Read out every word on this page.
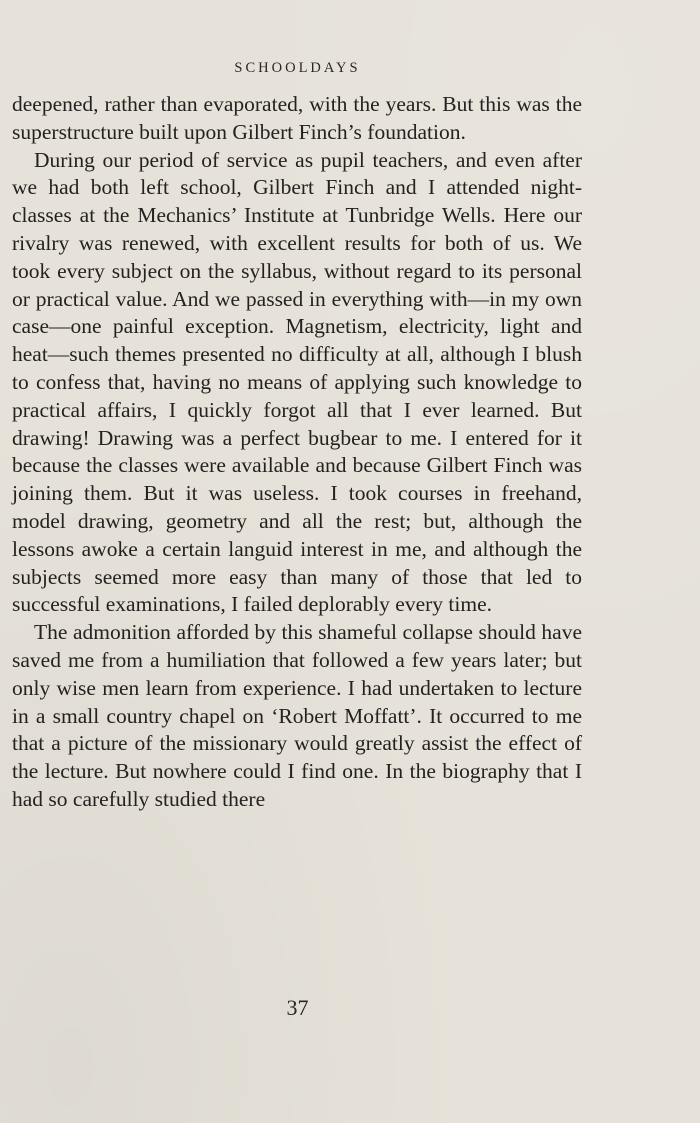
SCHOOLDAYS

deepened, rather than evaporated, with the years. But this was the superstructure built upon Gilbert Finch’s foundation.

During our period of service as pupil teachers, and even after we had both left school, Gilbert Finch and I attended night-classes at the Mechanics’ Institute at Tunbridge Wells. Here our rivalry was renewed, with excellent results for both of us. We took every subject on the syllabus, without regard to its personal or practical value. And we passed in everything with—in my own case—one painful exception. Magnetism, electricity, light and heat—such themes presented no difficulty at all, although I blush to confess that, having no means of applying such knowledge to practical affairs, I quickly forgot all that I ever learned. But drawing! Drawing was a perfect bugbear to me. I entered for it because the classes were available and because Gilbert Finch was joining them. But it was useless. I took courses in freehand, model drawing, geometry and all the rest; but, although the lessons awoke a certain languid interest in me, and although the subjects seemed more easy than many of those that led to successful examinations, I failed deplorably every time.

The admonition afforded by this shameful collapse should have saved me from a humiliation that followed a few years later; but only wise men learn from experience. I had undertaken to lecture in a small country chapel on ‘Robert Moffatt’. It occurred to me that a picture of the missionary would greatly assist the effect of the lecture. But nowhere could I find one. In the biography that I had so carefully studied there

37
